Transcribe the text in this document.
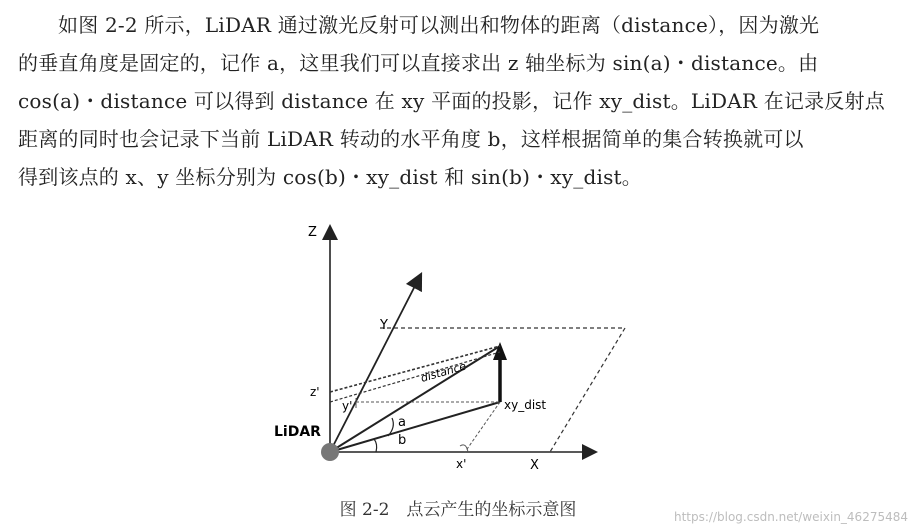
如图 2-2 所示，LiDAR 通过激光反射可以测出和物体的距离（distance），因为激光
的垂直角度是固定的，记作 a，这里我们可以直接求出 z 轴坐标为 sin(a)・distance。由
cos(a)・distance 可以得到 distance 在 xy 平面的投影，记作 xy_dist。LiDAR 在记录反射点
距离的同时也会记录下当前 LiDAR 转动的水平角度 b，这样根据简单的集合转换就可以
得到该点的 x、y 坐标分别为 cos(b)・xy_dist 和 sin(b)・xy_dist。
Z
Y
X
z'
y'
x'
distance
xy_dist
a
b
LiDAR
图 2-2　点云产生的坐标示意图	https://blog.csdn.net/weixin_46275484
